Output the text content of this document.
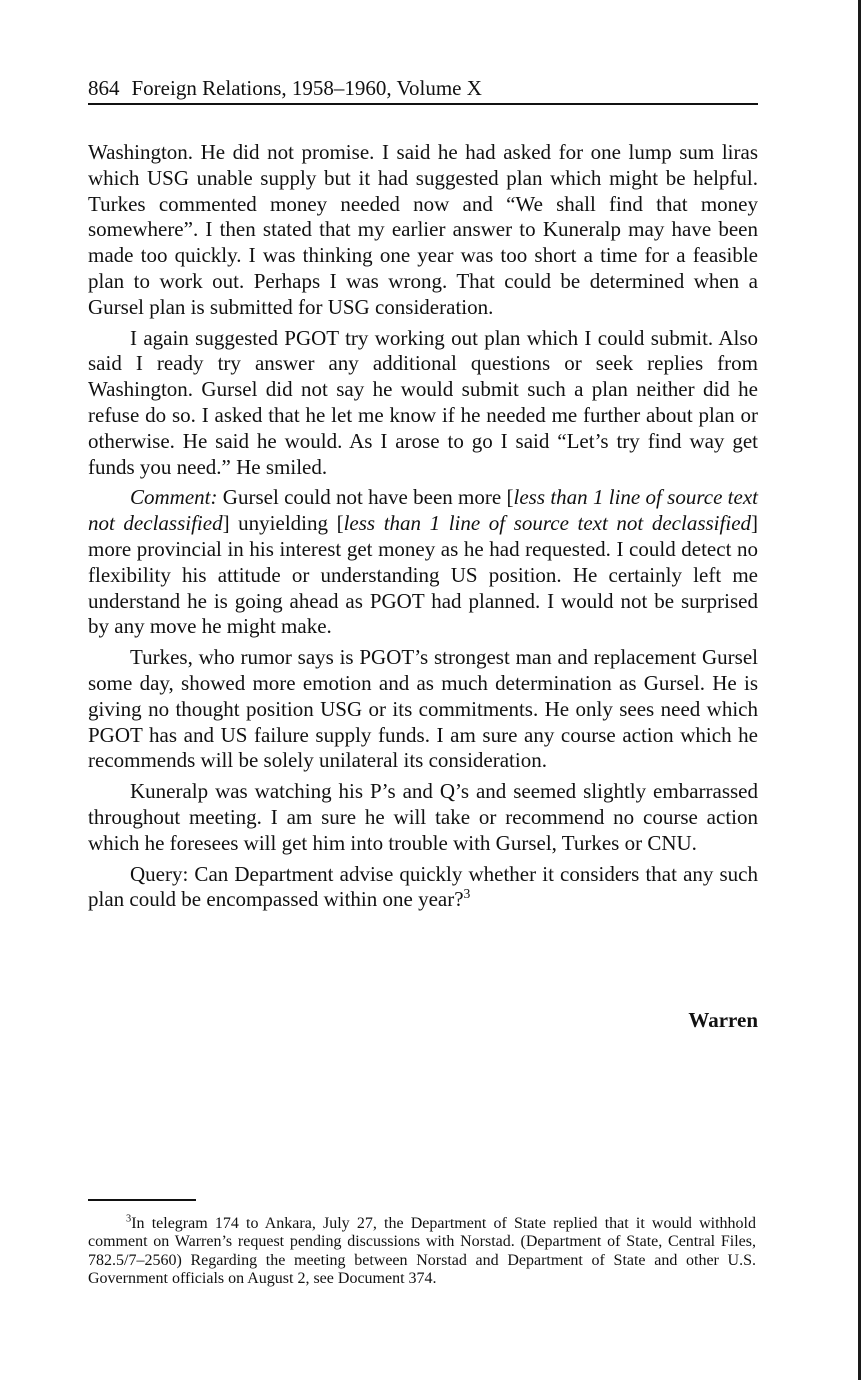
864 Foreign Relations, 1958–1960, Volume X

Washington. He did not promise. I said he had asked for one lump sum liras which USG unable supply but it had suggested plan which might be helpful. Turkes commented money needed now and “We shall find that money somewhere”. I then stated that my earlier answer to Kuneralp may have been made too quickly. I was thinking one year was too short a time for a feasible plan to work out. Perhaps I was wrong. That could be determined when a Gursel plan is submitted for USG consideration.

I again suggested PGOT try working out plan which I could submit. Also said I ready try answer any additional questions or seek replies from Washington. Gursel did not say he would submit such a plan neither did he refuse do so. I asked that he let me know if he needed me further about plan or otherwise. He said he would. As I arose to go I said “Let’s try find way get funds you need.” He smiled.

Comment: Gursel could not have been more [less than 1 line of source text not declassified] unyielding [less than 1 line of source text not declassified] more provincial in his interest get money as he had requested. I could detect no flexibility his attitude or understanding US position. He certainly left me understand he is going ahead as PGOT had planned. I would not be surprised by any move he might make.

Turkes, who rumor says is PGOT’s strongest man and replacement Gursel some day, showed more emotion and as much determination as Gursel. He is giving no thought position USG or its commitments. He only sees need which PGOT has and US failure supply funds. I am sure any course action which he recommends will be solely unilateral its consideration.

Kuneralp was watching his P’s and Q’s and seemed slightly embarrassed throughout meeting. I am sure he will take or recommend no course action which he foresees will get him into trouble with Gursel, Turkes or CNU.

Query: Can Department advise quickly whether it considers that any such plan could be encompassed within one year?$^3$

Warren
$^3$In telegram 174 to Ankara, July 27, the Department of State replied that it would withhold comment on Warren’s request pending discussions with Norstad. (Department of State, Central Files, 782.5/7–2560) Regarding the meeting between Norstad and Department of State and other U.S. Government officials on August 2, see Document 374.
